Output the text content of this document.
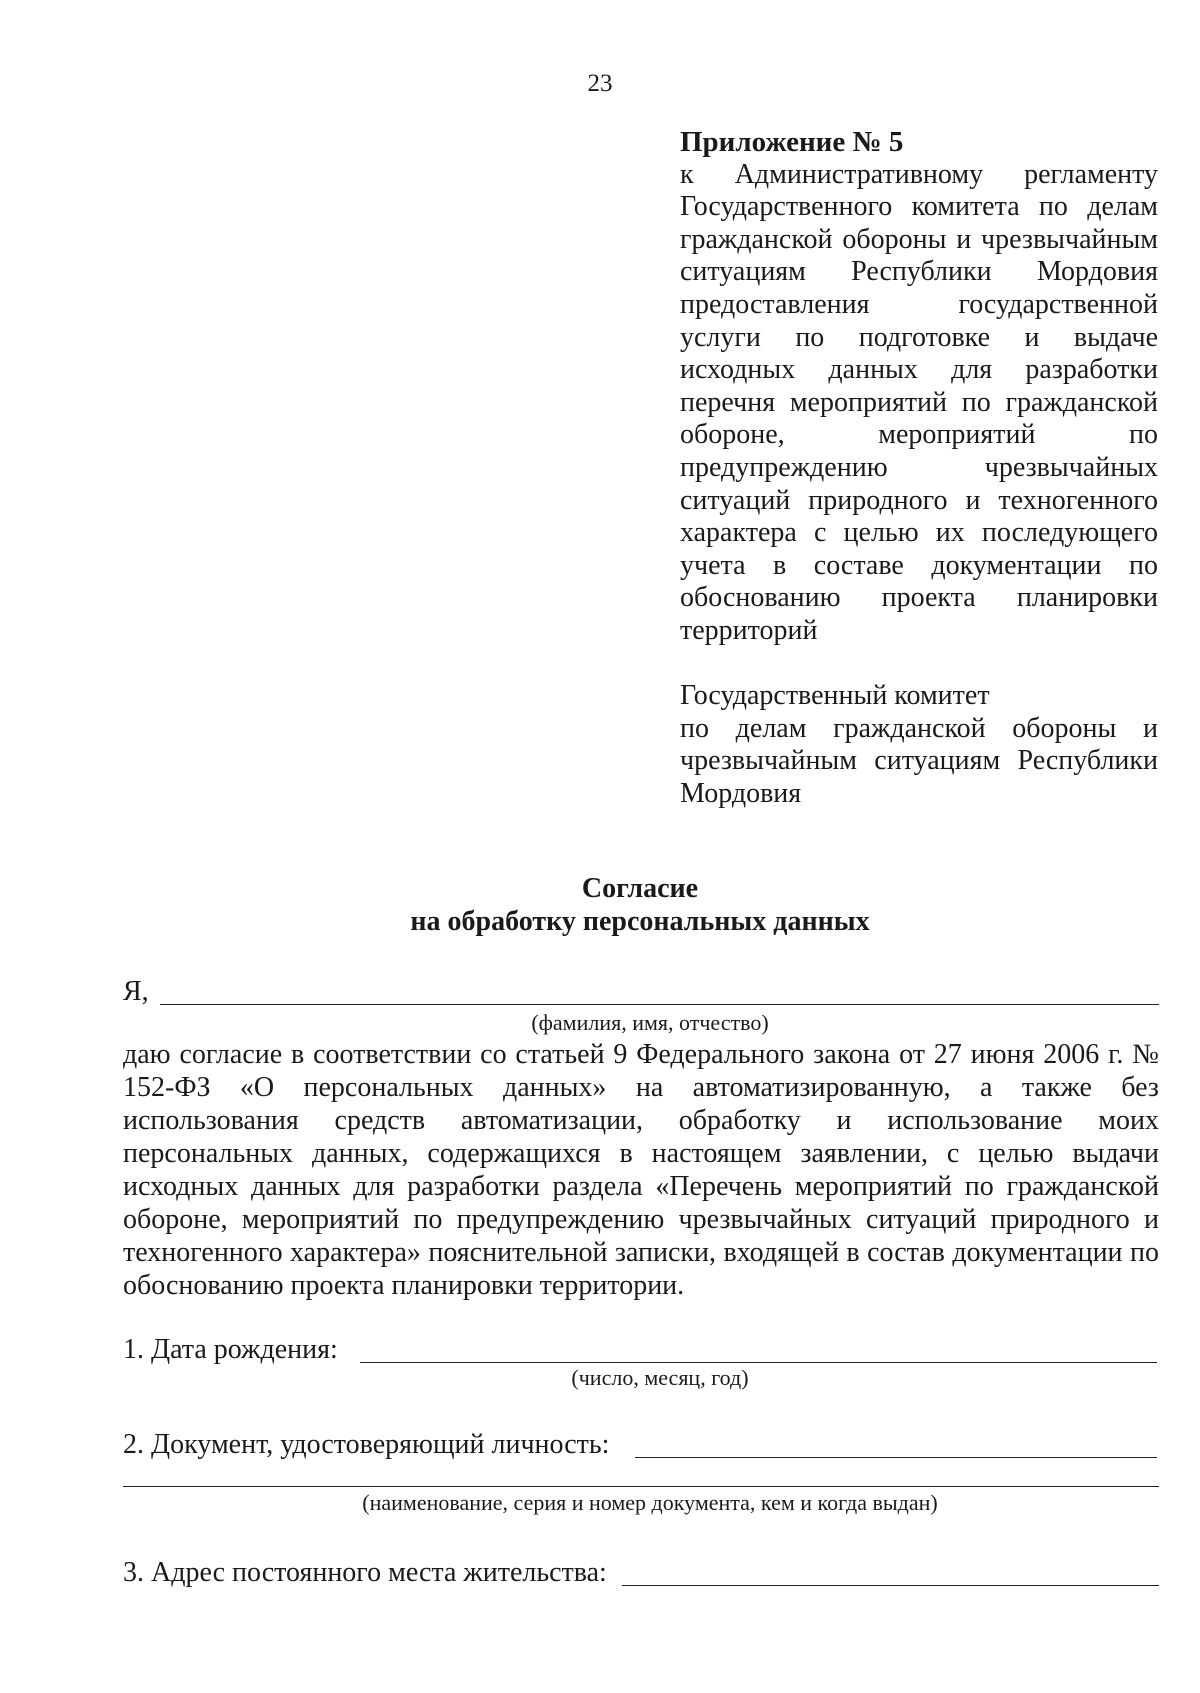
23

Приложение № 5

к Административному регламенту Государственного комитета по делам гражданской обороны и чрезвычайным ситуациям Республики Мордовия предоставления государственной услуги по подготовке и выдаче исходных данных для разработки перечня мероприятий по гражданской обороне, мероприятий по предупреждению чрезвычайных ситуаций природного и техногенного характера с целью их последующего учета в составе документации по обоснованию проекта планировки территорий

Государственный комитет

по делам гражданской обороны и чрезвычайным ситуациям Республики Мордовия

Согласие
на обработку персональных данных
Я,
(фамилия, имя, отчество)

даю согласие в соответствии со статьей 9 Федерального закона от 27 июня 2006 г. № 152-ФЗ «О персональных данных» на автоматизированную, а также без использования средств автоматизации, обработку и использование моих персональных данных, содержащихся в настоящем заявлении, с целью выдачи исходных данных для разработки раздела «Перечень мероприятий по гражданской обороне, мероприятий по предупреждению чрезвычайных ситуаций природного и техногенного характера» пояснительной записки, входящей в состав документации по обоснованию проекта планировки территории.

1. Дата рождения:
(число, месяц, год)
2. Документ, удостоверяющий личность:
(наименование, серия и номер документа, кем и когда выдан)
3. Адрес постоянного места жительства:
